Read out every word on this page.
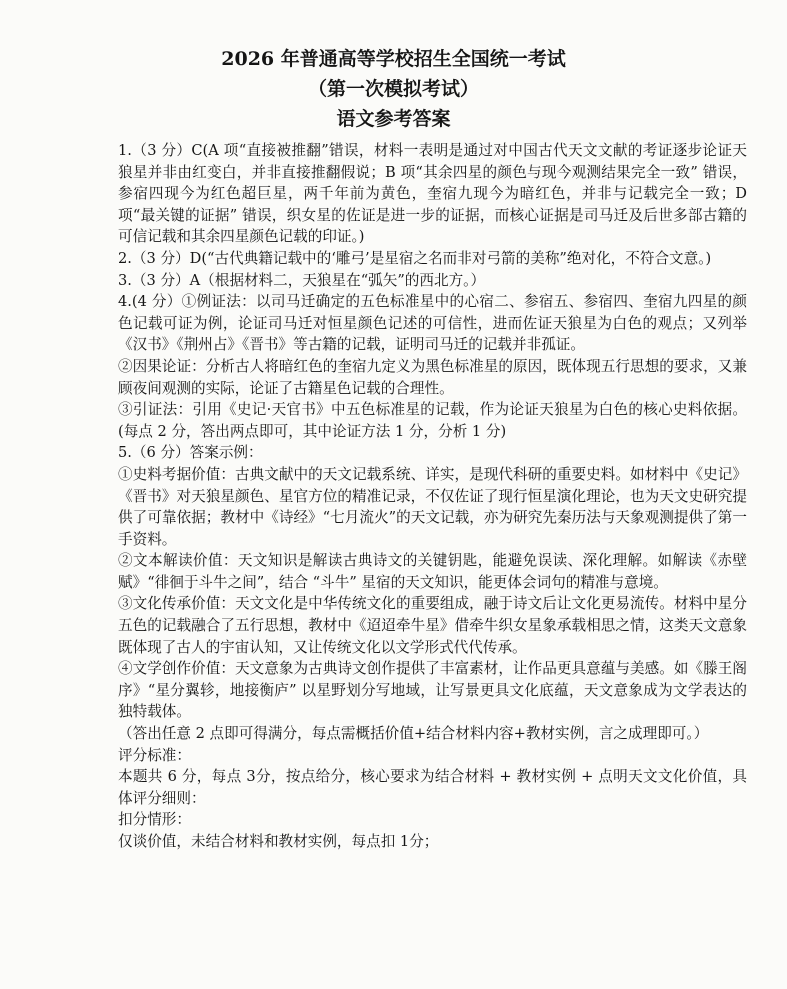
2026 年普通高等学校招生全国统一考试
（第一次模拟考试）
语文参考答案

1.（3 分）C(A 项“直接被推翻”错误，材料一表明是通过对中国古代天文文献的考证逐步论证天狼星并非由红变白，并非直接推翻假说；B 项“其余四星的颜色与现今观测结果完全一致” 错误，参宿四现今为红色超巨星，两千年前为黄色，奎宿九现今为暗红色，并非与记载完全一致；D 项“最关键的证据” 错误，织女星的佐证是进一步的证据，而核心证据是司马迁及后世多部古籍的可信记载和其余四星颜色记载的印证。)

2.（3 分）D(“古代典籍记载中的‘雕弓’是星宿之名而非对弓箭的美称”绝对化，不符合文意。)

3.（3 分）A（根据材料二，天狼星在“弧矢”的西北方。）

4.(4 分）①例证法：以司马迁确定的五色标准星中的心宿二、参宿五、参宿四、奎宿九四星的颜色记载可证为例，论证司马迁对恒星颜色记述的可信性，进而佐证天狼星为白色的观点；又列举《汉书》《荆州占》《晋书》等古籍的记载，证明司马迁的记载并非孤证。

②因果论证：分析古人将暗红色的奎宿九定义为黑色标准星的原因，既体现五行思想的要求，又兼顾夜间观测的实际，论证了古籍星色记载的合理性。

③引证法：引用《史记·天官书》中五色标准星的记载，作为论证天狼星为白色的核心史料依据。(每点 2 分，答出两点即可，其中论证方法 1 分，分析 1 分)

5.（6 分）答案示例：

①史料考据价值：古典文献中的天文记载系统、详实，是现代科研的重要史料。如材料中《史记》《晋书》对天狼星颜色、星官方位的精准记录，不仅佐证了现行恒星演化理论，也为天文史研究提供了可靠依据；教材中《诗经》“七月流火”的天文记载，亦为研究先秦历法与天象观测提供了第一手资料。

②文本解读价值：天文知识是解读古典诗文的关键钥匙，能避免误读、深化理解。如解读《赤壁赋》“徘徊于斗牛之间”，结合 “斗牛” 星宿的天文知识，能更体会词句的精准与意境。

③文化传承价值：天文文化是中华传统文化的重要组成，融于诗文后让文化更易流传。材料中星分五色的记载融合了五行思想，教材中《迢迢牵牛星》借牵牛织女星象承载相思之情，这类天文意象既体现了古人的宇宙认知，又让传统文化以文学形式代代传承。

④文学创作价值：天文意象为古典诗文创作提供了丰富素材，让作品更具意蕴与美感。如《滕王阁序》“星分翼轸，地接衡庐” 以星野划分写地域，让写景更具文化底蕴，天文意象成为文学表达的独特载体。

（答出任意 2 点即可得满分，每点需概括价值+结合材料内容+教材实例，言之成理即可。）

评分标准：

本题共 6 分，每点 3分，按点给分，核心要求为结合材料 + 教材实例 + 点明天文文化价值，具体评分细则：

扣分情形：

仅谈价值，未结合材料和教材实例，每点扣 1分；
